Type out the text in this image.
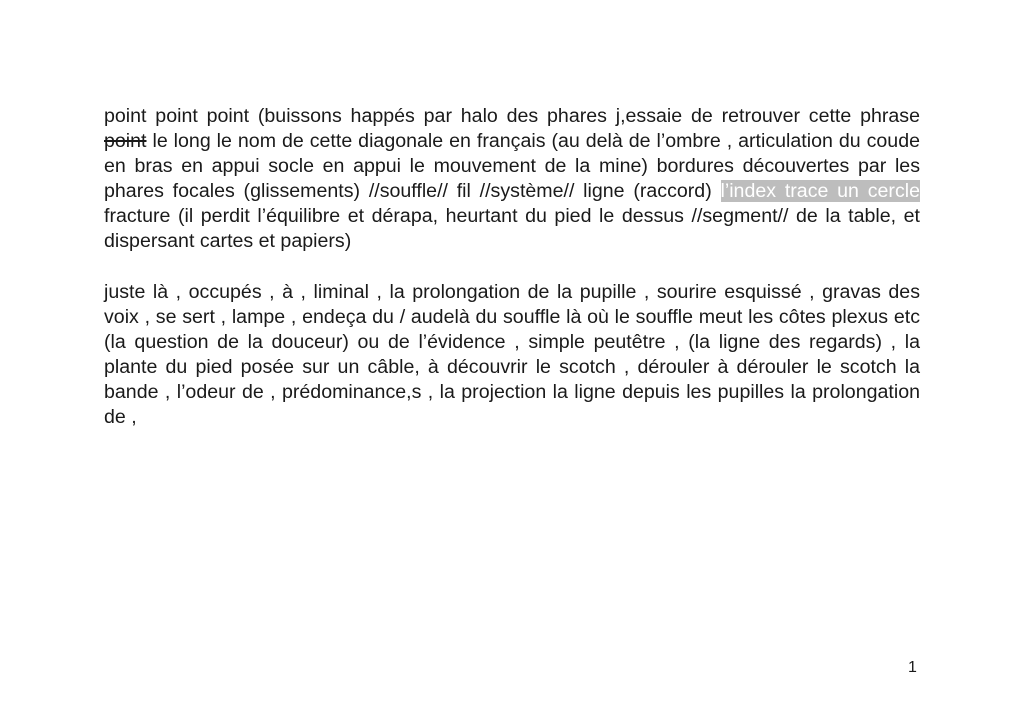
point point point (buissons happés par halo des phares j,essaie de retrouver cette phrase point le long le nom de cette diagonale en français (au delà de l’ombre , articulation du coude en bras en appui socle en appui le mouvement de la mine) bordures découvertes par les phares focales (glissements) //souffle// fil //système// ligne (raccord) l’index trace un cercle fracture (il perdit l’équilibre et dérapa, heurtant du pied le dessus //segment// de la table, et dispersant cartes et papiers)

juste là , occupés , à , liminal , la prolongation de la pupille , sourire esquissé , gravas des voix , se sert , lampe , endeça du / audelà du souffle là où le souffle meut les côtes plexus etc (la question de la douceur) ou de l’évidence , simple peutêtre , (la ligne des regards) , la plante du pied posée sur un câble, à découvrir le scotch , dérouler à dérouler le scotch la bande , l’odeur de , prédominance,s , la projection la ligne depuis les pupilles la prolongation de ,

1
